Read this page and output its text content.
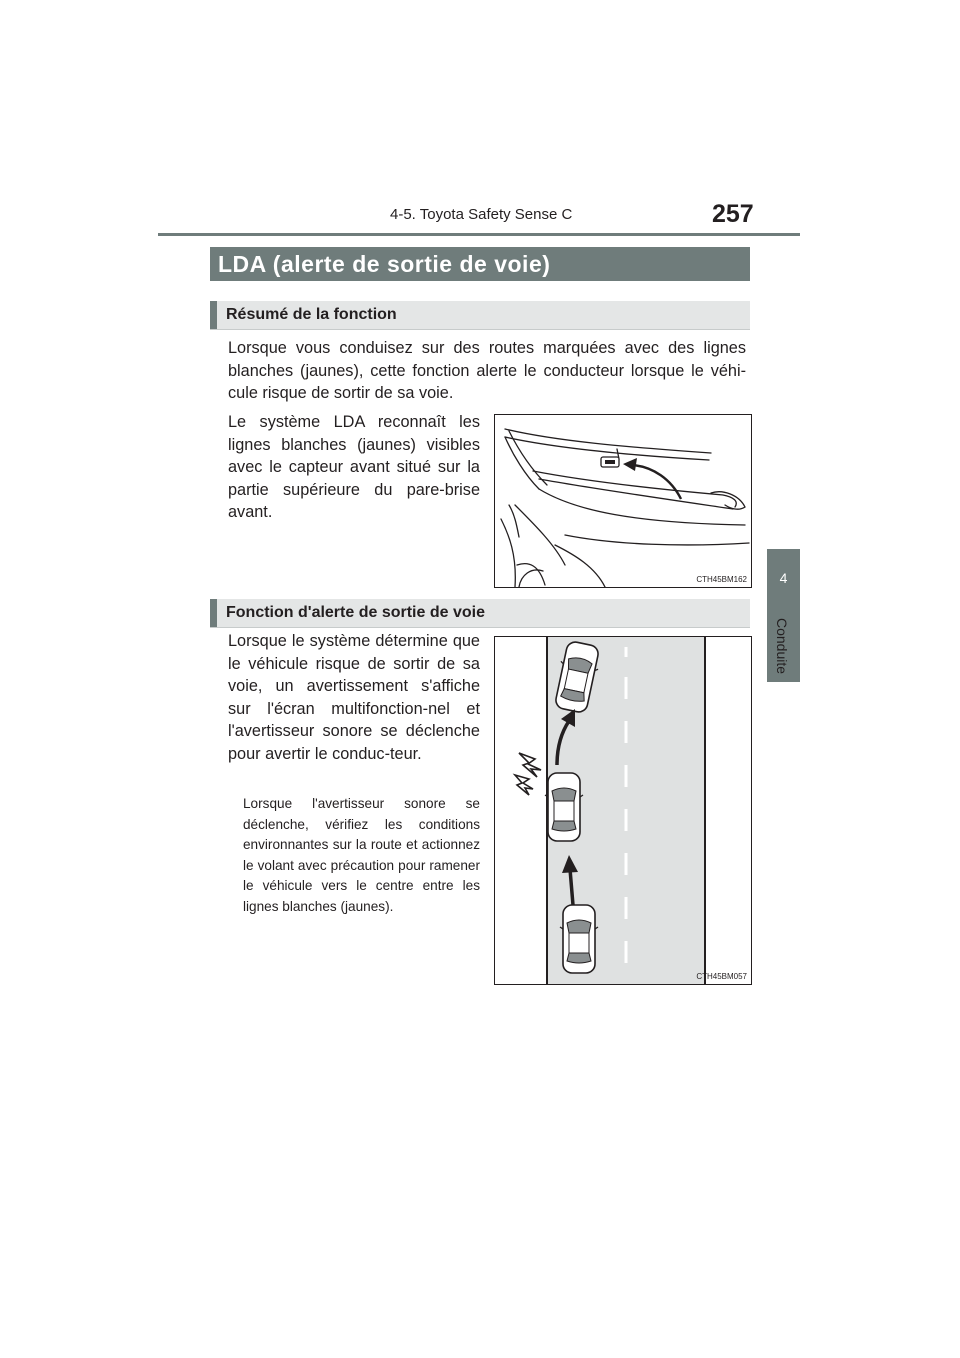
4-5. Toyota Safety Sense C	257
4
Conduite
LDA (alerte de sortie de voie)
Résumé de la fonction
Lorsque vous conduisez sur des routes marquées avec des lignes blanches (jaunes), cette fonction alerte le conducteur lorsque le véhi-cule risque de sortir de sa voie.
Le système LDA reconnaît les lignes blanches (jaunes) visibles avec le capteur avant situé sur la partie supérieure du pare-brise avant.
CTH45BM162
Fonction d'alerte de sortie de voie
Lorsque le système détermine que le véhicule risque de sortir de sa voie, un avertissement s'affiche sur l'écran multifonction-nel et l'avertisseur sonore se déclenche pour avertir le conduc-teur.
Lorsque l'avertisseur sonore se déclenche, vérifiez les conditions environnantes sur la route et actionnez le volant avec précaution pour ramener le véhicule vers le centre entre les lignes blanches (jaunes).
CTH45BM057
